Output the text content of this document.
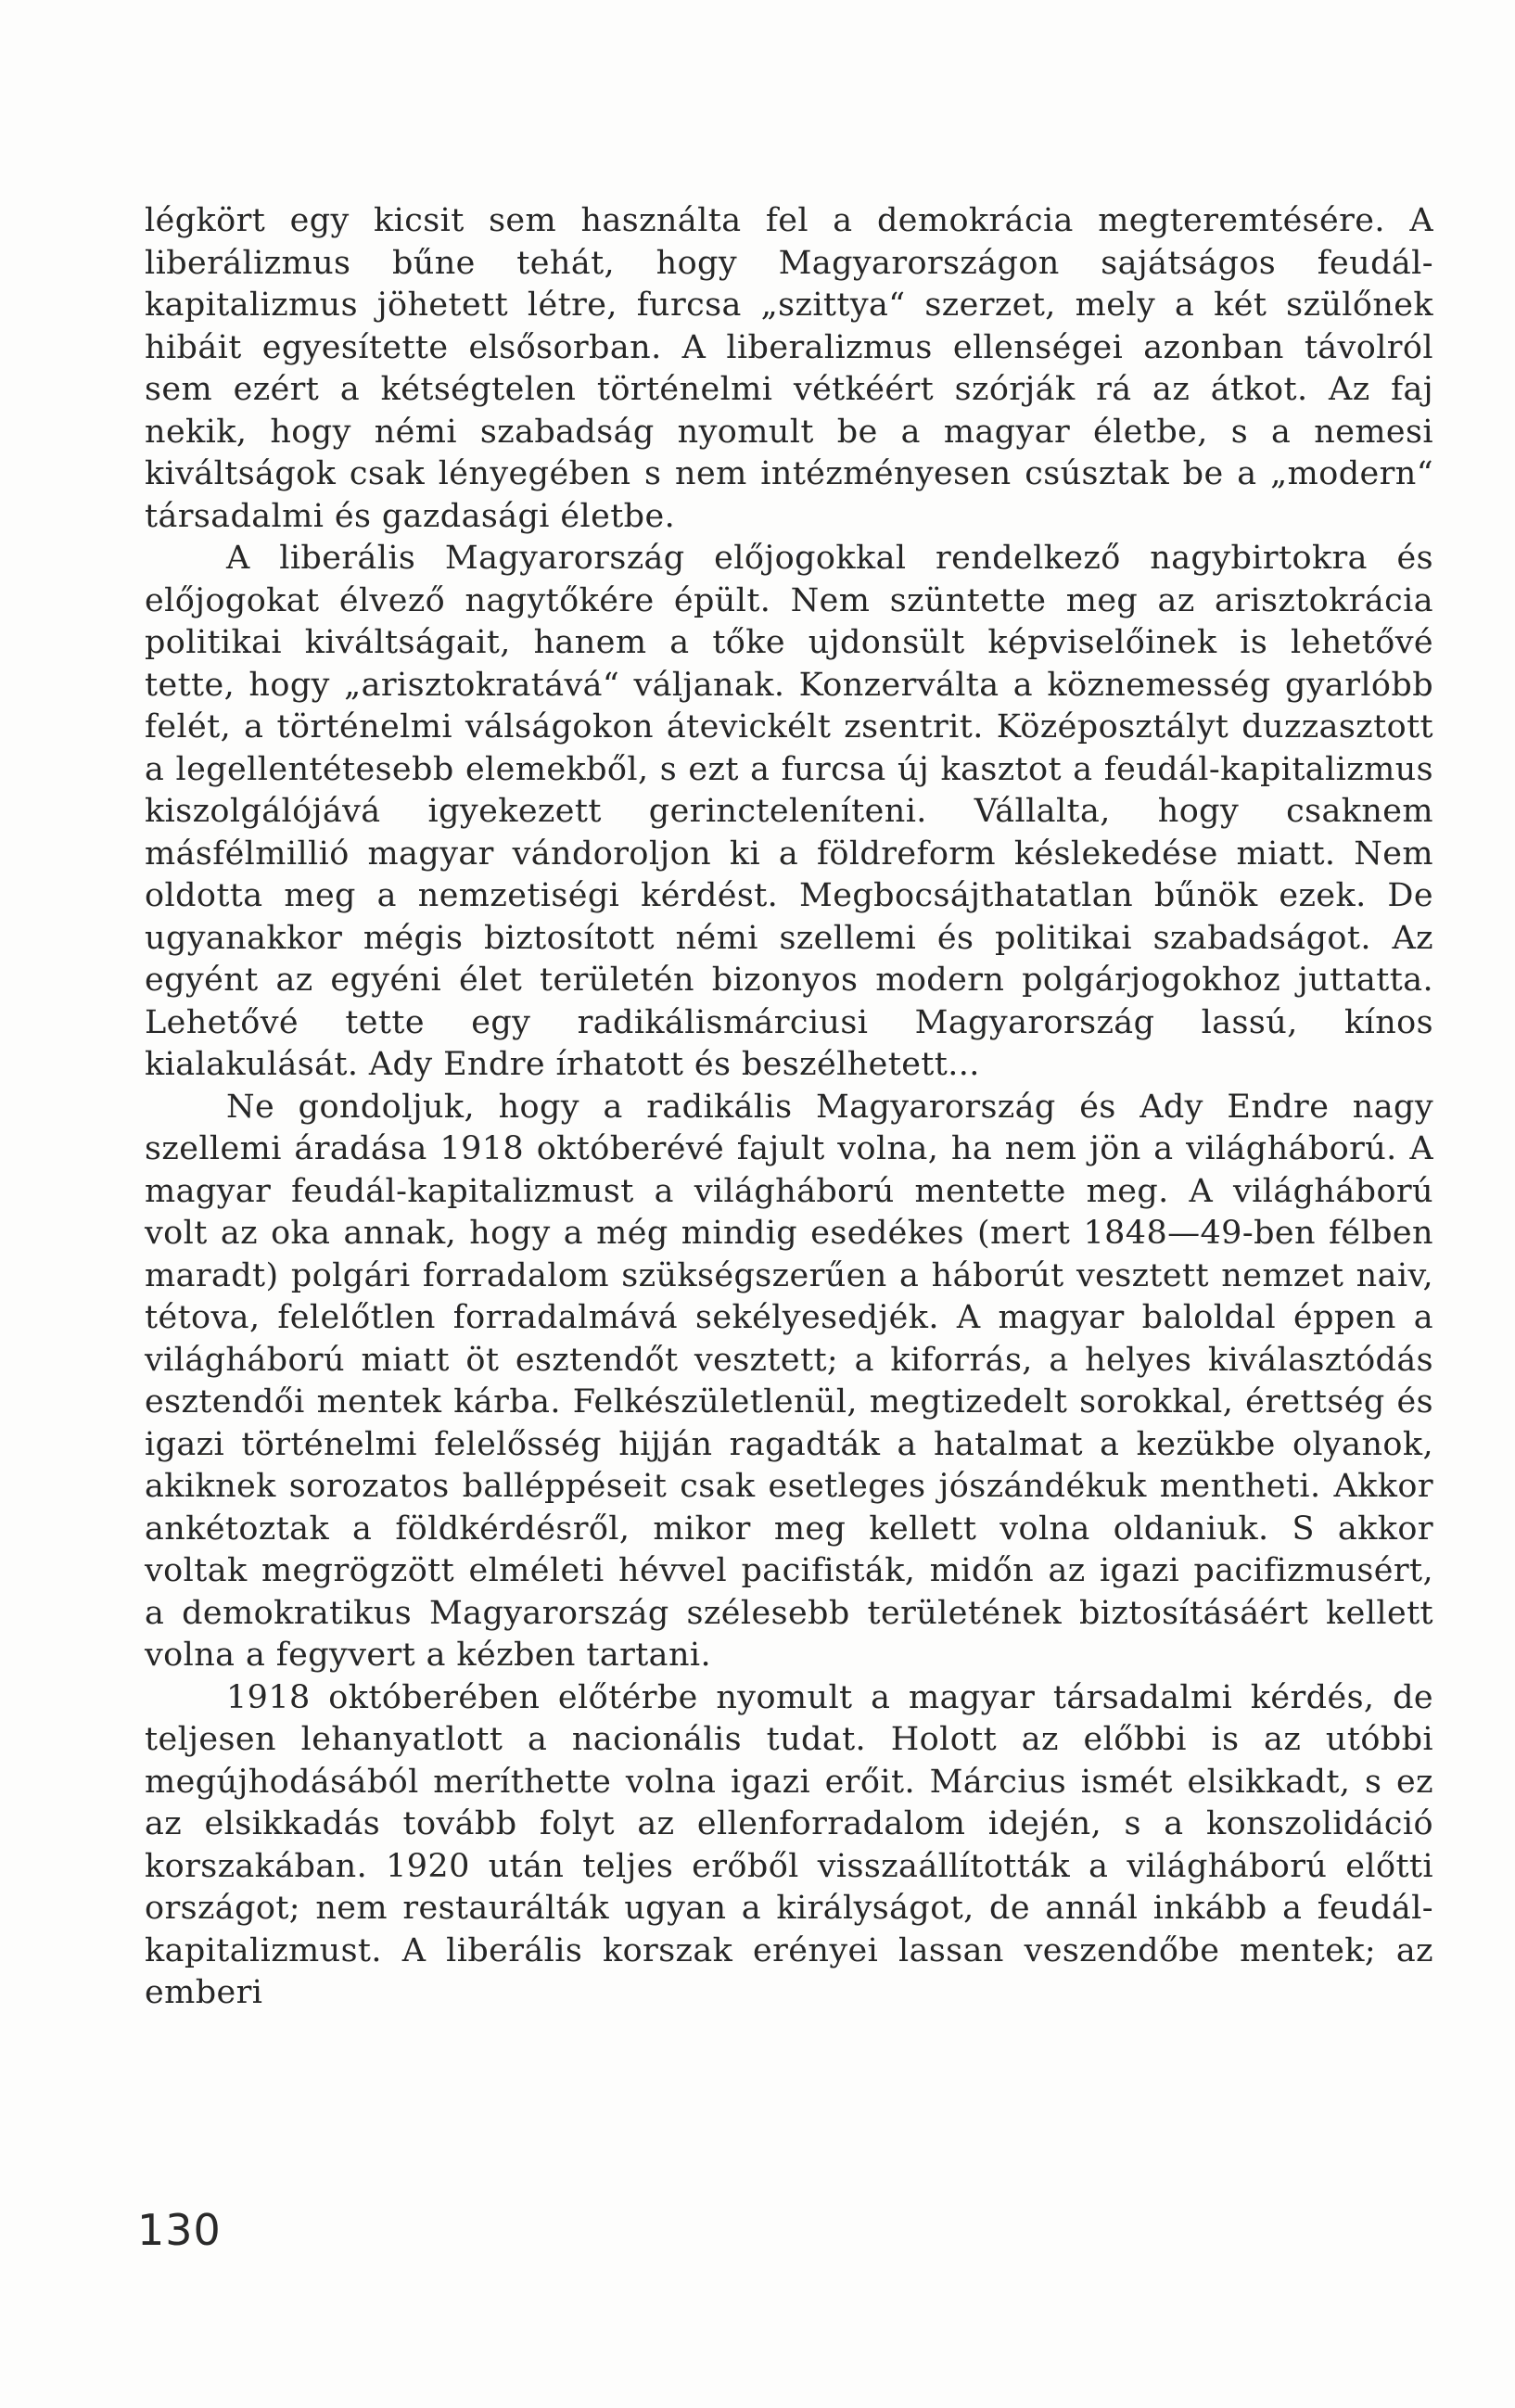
légkört egy kicsit sem használta fel a demokrácia megteremtésére. A liberálizmus bűne tehát, hogy Magyarországon sajátságos feudál-kapitalizmus jöhetett létre, furcsa „szittya“ szerzet, mely a két szülőnek hibáit egyesítette elsősorban. A liberalizmus ellenségei azonban távolról sem ezért a kétségtelen történelmi vétkéért szórják rá az átkot. Az faj nekik, hogy némi szabadság nyomult be a magyar életbe, s a nemesi kiváltságok csak lényegében s nem intézményesen csúsztak be a „modern“ társadalmi és gazdasági életbe.

A liberális Magyarország előjogokkal rendelkező nagybirtokra és előjogokat élvező nagytőkére épült. Nem szüntette meg az arisztokrácia politikai kiváltságait, hanem a tőke ujdonsült képviselőinek is lehetővé tette, hogy „arisztokratává“ váljanak. Konzerválta a köznemesség gyarlóbb felét, a történelmi válságokon átevickélt zsentrit. Középosztályt duzzasztott a legellentétesebb elemekből, s ezt a furcsa új kasztot a feudál-kapitalizmus kiszolgálójává igyekezett gerincteleníteni. Vállalta, hogy csaknem másfélmillió magyar vándoroljon ki a földreform késlekedése miatt. Nem oldotta meg a nemzetiségi kérdést. Megbocsájthatatlan bűnök ezek. De ugyanakkor mégis biztosított némi szellemi és politikai szabadságot. Az egyént az egyéni élet területén bizonyos modern polgárjogokhoz juttatta. Lehetővé tette egy radikálismárciusi Magyarország lassú, kínos kialakulását. Ady Endre írhatott és beszélhetett...

Ne gondoljuk, hogy a radikális Magyarország és Ady Endre nagy szellemi áradása 1918 októberévé fajult volna, ha nem jön a világháború. A magyar feudál-kapitalizmust a világháború mentette meg. A világháború volt az oka annak, hogy a még mindig esedékes (mert 1848—49-ben félben maradt) polgári forradalom szükségszerűen a háborút vesztett nemzet naiv, tétova, felelőtlen forradalmává sekélyesedjék. A magyar baloldal éppen a világháború miatt öt esztendőt vesztett; a kiforrás, a helyes kiválasztódás esztendői mentek kárba. Felkészületlenül, megtizedelt sorokkal, érettség és igazi történelmi felelősség hijján ragadták a hatalmat a kezükbe olyanok, akiknek sorozatos balléppéseit csak esetleges jószándékuk mentheti. Akkor ankétoztak a földkérdésről, mikor meg kellett volna oldaniuk. S akkor voltak megrögzött elméleti hévvel pacifisták, midőn az igazi pacifizmusért, a demokratikus Magyarország szélesebb területének biztosításáért kellett volna a fegyvert a kézben tartani.

1918 októberében előtérbe nyomult a magyar társadalmi kérdés, de teljesen lehanyatlott a nacionális tudat. Holott az előbbi is az utóbbi megújhodásából meríthette volna igazi erőit. Március ismét elsikkadt, s ez az elsikkadás tovább folyt az ellenforradalom idején, s a konszolidáció korszakában. 1920 után teljes erőből visszaállították a világháború előtti országot; nem restaurálták ugyan a királyságot, de annál inkább a feudál-kapitalizmust. A liberális korszak erényei lassan veszendőbe mentek; az emberi

130
